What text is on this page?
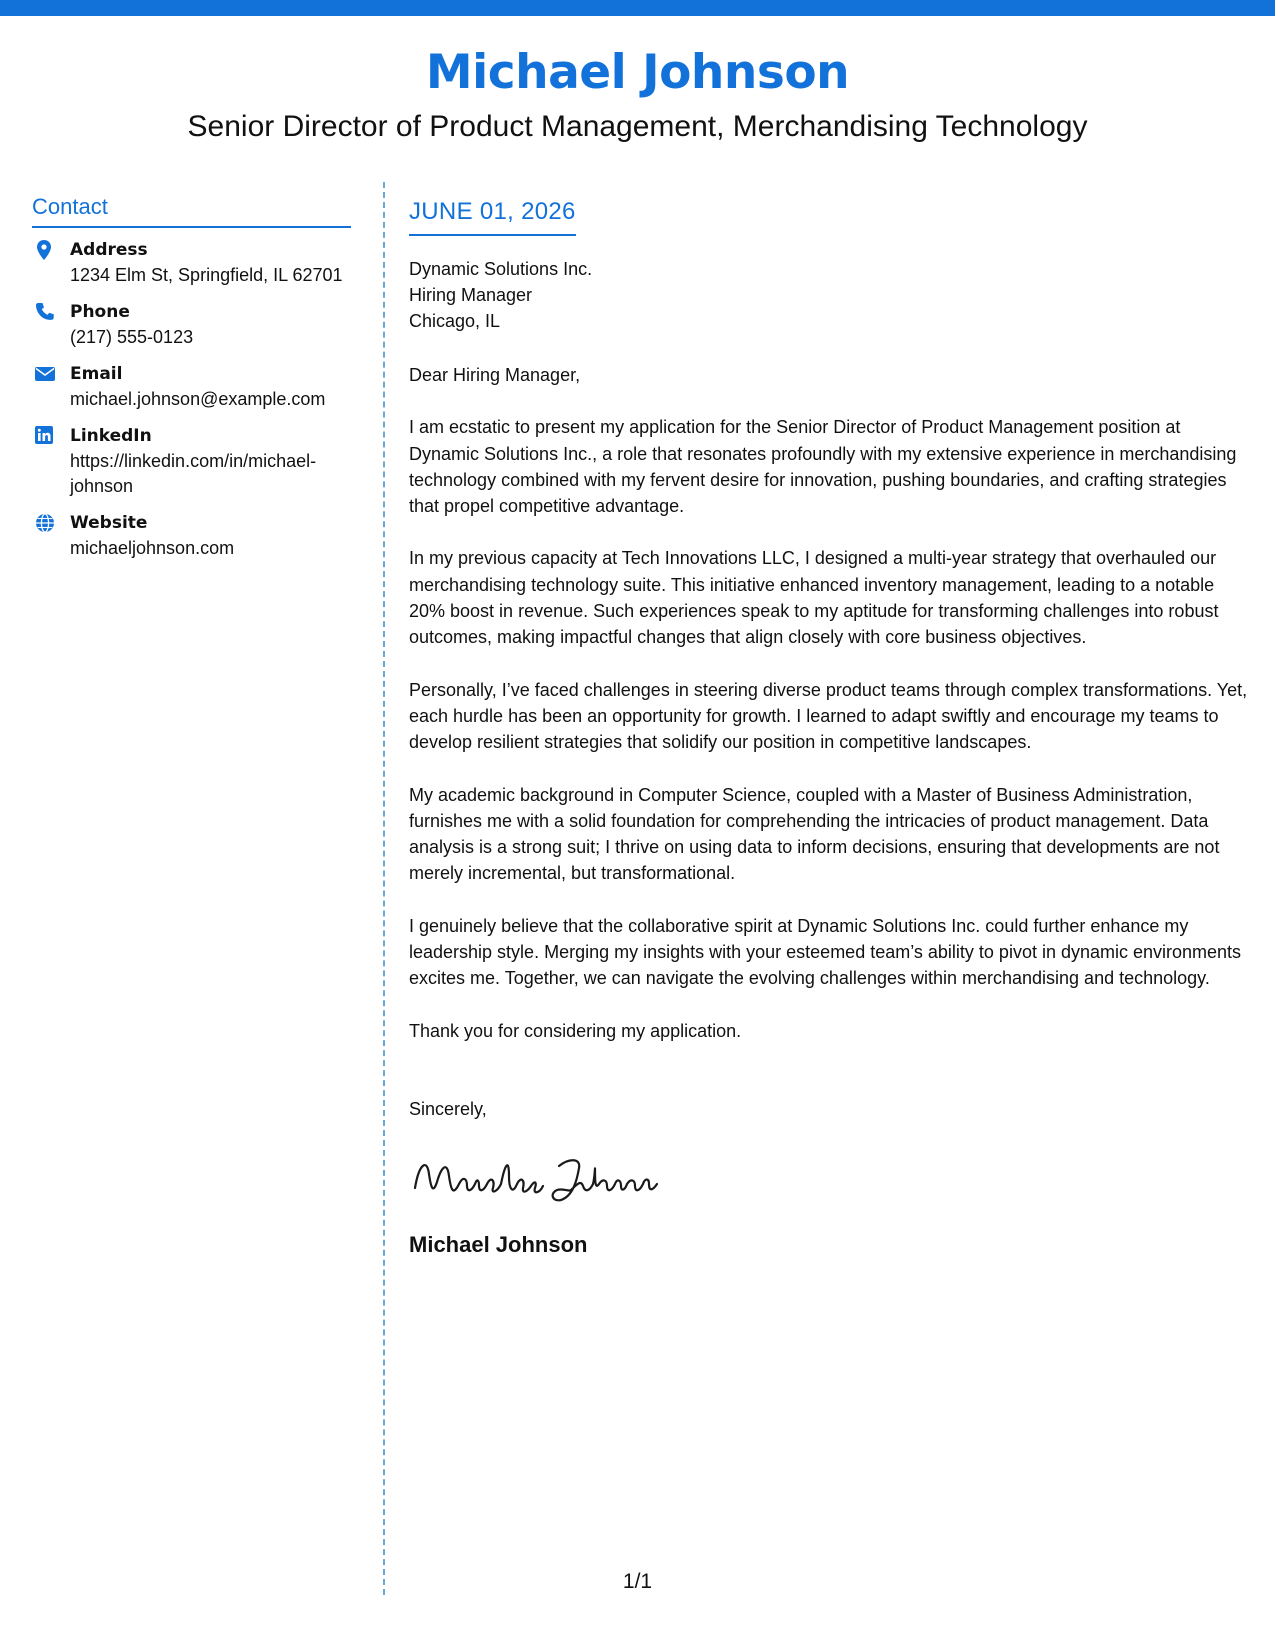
Michael Johnson
Senior Director of Product Management, Merchandising Technology
Contact
Address
1234 Elm St, Springfield, IL 62701
Phone
(217) 555-0123
Email
michael.johnson@example.com
LinkedIn
https://linkedin.com/in/michael-johnson
Website
michaeljohnson.com
JUNE 01, 2026
Dynamic Solutions Inc.
Hiring Manager
Chicago, IL
Dear Hiring Manager,

I am ecstatic to present my application for the Senior Director of Product Management position at Dynamic Solutions Inc., a role that resonates profoundly with my extensive experience in merchandising technology combined with my fervent desire for innovation, pushing boundaries, and crafting strategies that propel competitive advantage.

In my previous capacity at Tech Innovations LLC, I designed a multi-year strategy that overhauled our merchandising technology suite. This initiative enhanced inventory management, leading to a notable 20% boost in revenue. Such experiences speak to my aptitude for transforming challenges into robust outcomes, making impactful changes that align closely with core business objectives.

Personally, I’ve faced challenges in steering diverse product teams through complex transformations. Yet, each hurdle has been an opportunity for growth. I learned to adapt swiftly and encourage my teams to develop resilient strategies that solidify our position in competitive landscapes.

My academic background in Computer Science, coupled with a Master of Business Administration, furnishes me with a solid foundation for comprehending the intricacies of product management. Data analysis is a strong suit; I thrive on using data to inform decisions, ensuring that developments are not merely incremental, but transformational.

I genuinely believe that the collaborative spirit at Dynamic Solutions Inc. could further enhance my leadership style. Merging my insights with your esteemed team’s ability to pivot in dynamic environments excites me. Together, we can navigate the evolving challenges within merchandising and technology.

Thank you for considering my application.

Sincerely,
Michael Johnson
1/1
